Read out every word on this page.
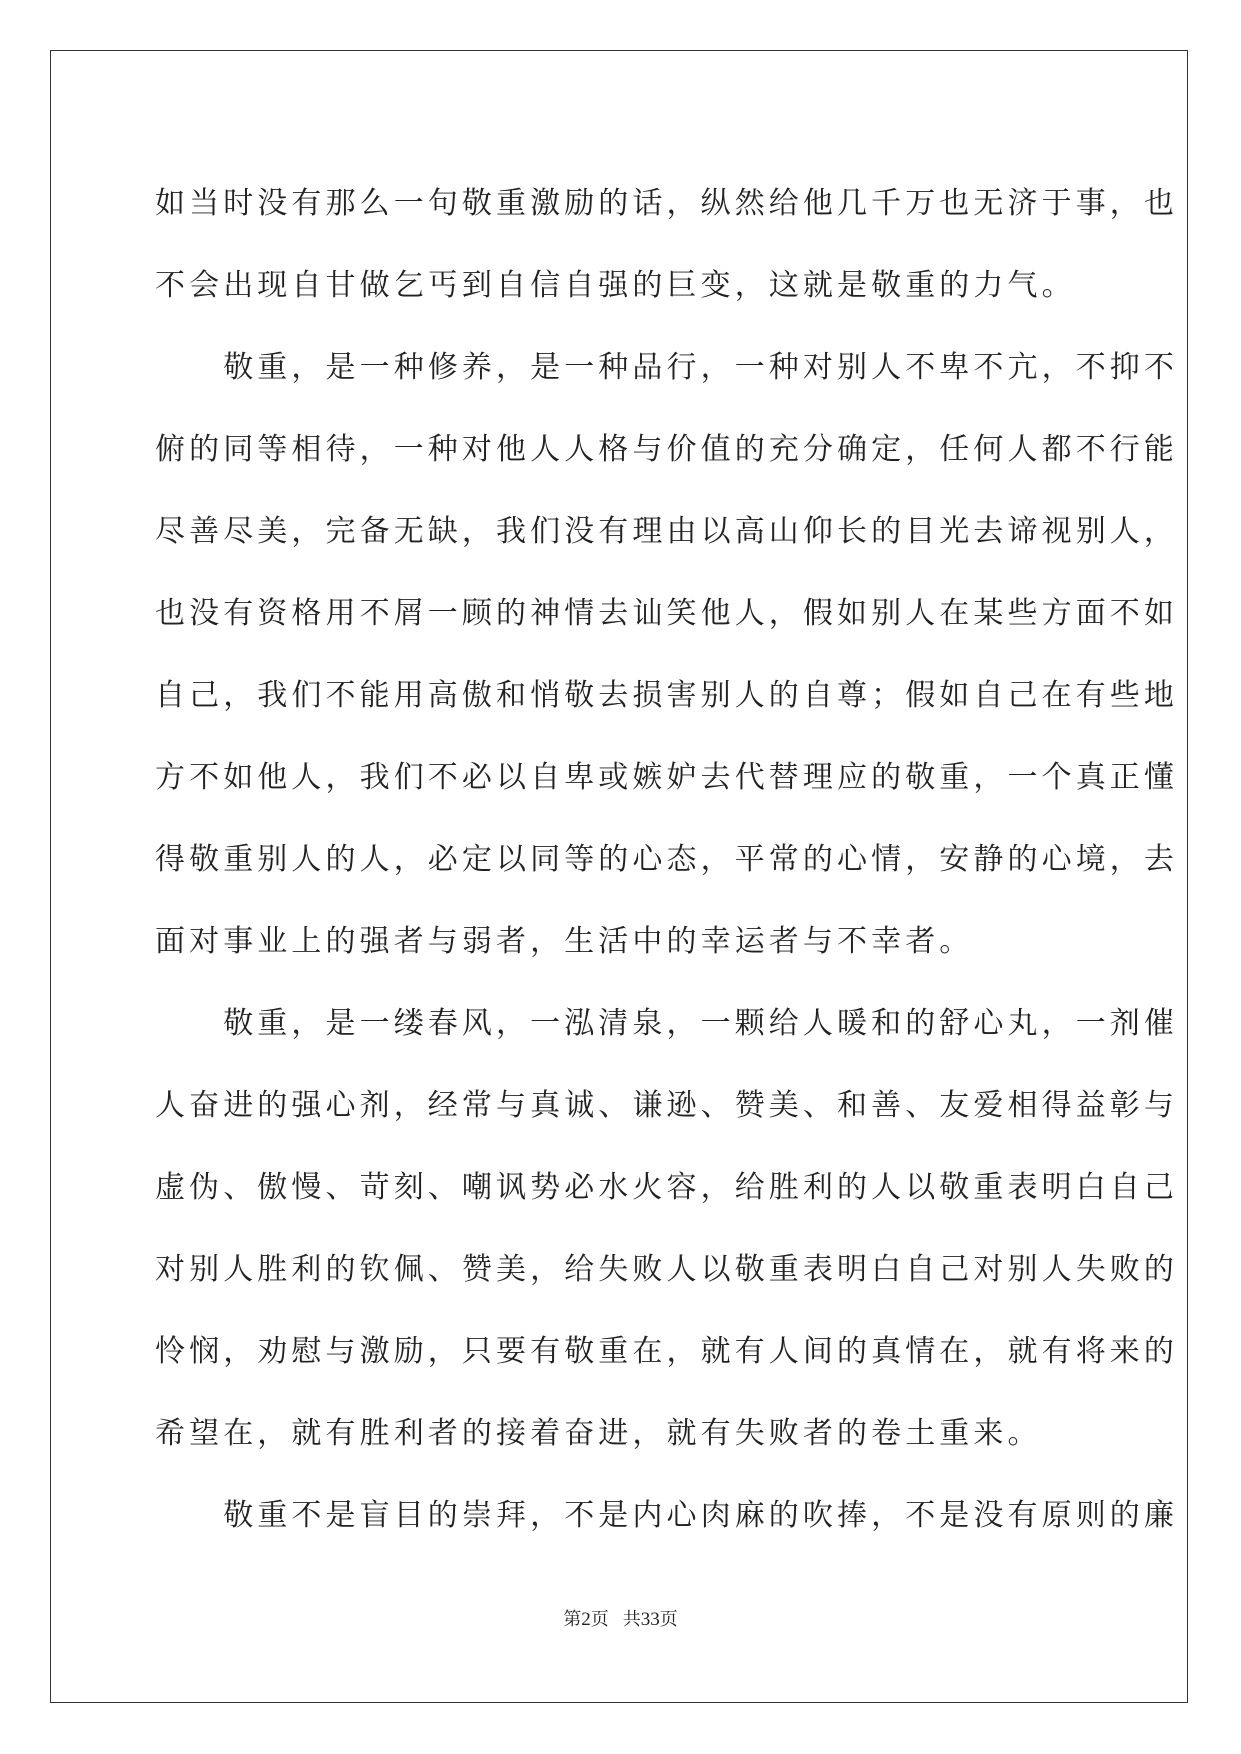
如当时没有那么一句敬重激励的话，纵然给他几千万也无济于事，也
不会出现自甘做乞丐到自信自强的巨变，这就是敬重的力气。
　　敬重，是一种修养，是一种品行，一种对别人不卑不亢，不抑不
俯的同等相待，一种对他人人格与价值的充分确定，任何人都不行能
尽善尽美，完备无缺，我们没有理由以高山仰长的目光去谛视别人，
也没有资格用不屑一顾的神情去讪笑他人，假如别人在某些方面不如
自己，我们不能用高傲和悄敬去损害别人的自尊；假如自己在有些地
方不如他人，我们不必以自卑或嫉妒去代替理应的敬重，一个真正懂
得敬重别人的人，必定以同等的心态，平常的心情，安静的心境，去
面对事业上的强者与弱者，生活中的幸运者与不幸者。
　　敬重，是一缕春风，一泓清泉，一颗给人暖和的舒心丸，一剂催
人奋进的强心剂，经常与真诚、谦逊、赞美、和善、友爱相得益彰与
虚伪、傲慢、苛刻、嘲讽势必水火容，给胜利的人以敬重表明白自己
对别人胜利的钦佩、赞美，给失败人以敬重表明白自己对别人失败的
怜悯，劝慰与激励，只要有敬重在，就有人间的真情在，就有将来的
希望在，就有胜利者的接着奋进，就有失败者的卷土重来。
　　敬重不是盲目的崇拜，不是内心肉麻的吹捧，不是没有原则的廉
第2页 共33页
